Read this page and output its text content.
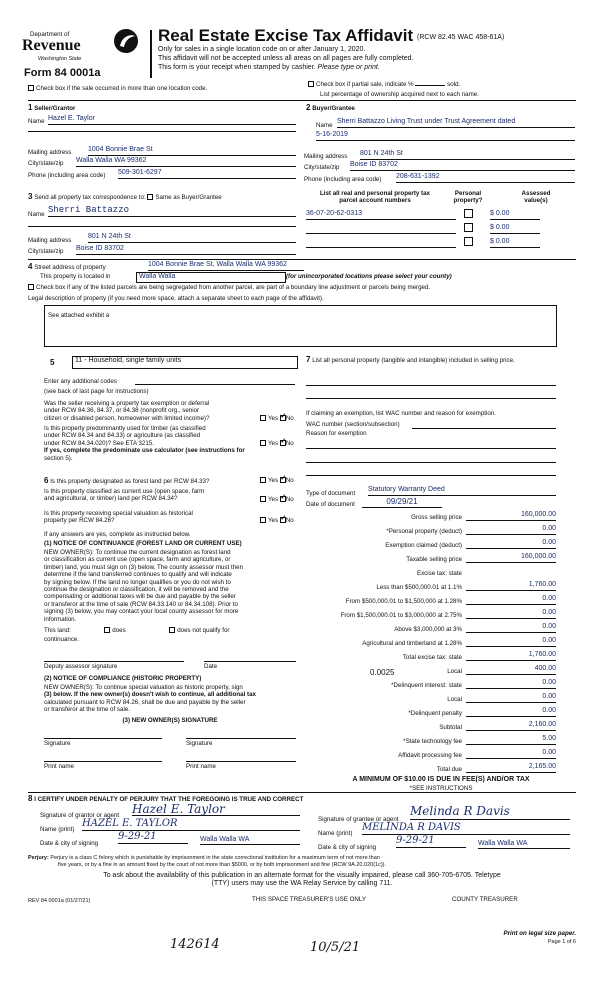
Department of
Revenue
Washington State
Form 84 0001a
Real Estate Excise Tax Affidavit (RCW 82.45 WAC 458-61A)
Only for sales in a single location code on or after January 1, 2020.
This affidavit will not be accepted unless all areas on all pages are fully completed.
This form is your receipt when stamped by cashier. Please type or print.
Check box if the sale occurred in more than one location code.
Check box if partial sale, indicate %	sold.
List percentage of ownership acquired next to each name.
1 Seller/Grantor
Name Hazel E. Taylor
Mailing address 1004 Bonnie Brae St
City/state/zip Walla Walla WA 99362
Phone (including area code) 509-301-6297
2 Buyer/Grantee
Name
Sherri Battazzo Living Trust under Trust Agreement dated
5-16-2019
Mailing address 801 N 24th St
City/state/zip Boise ID 83702
Phone (including area code) 208-631-1392
3 Send all property tax correspondence to: Same as Buyer/Grantee
Name Sherri Battazzo
Mailing address
801 N 24th St
City/state/zip Boise ID 83702
List all real and personal property tax
parcel account numbers
Personal
property?
Assessed
value(s)
36-07-20-62-0313	$ 0.00
$ 0.00
$ 0.00
4 Street address of property	1004 Bonnie Brae St, Walla Walla WA 99362
This property is located in	Walla Walla	(for unincorporated locations please select your county)
Check box if any of the listed parcels are being segregated from another parcel, are part of a boundary line adjustment or parcels being merged.
Legal description of property (if you need more space, attach a separate sheet to each page of the affidavit).
See attached exhibit a
5	11 - Household, single family units
Enter any additional codes
(see back of last page for instructions)
Was the seller receiving a property tax exemption or deferral
under RCW 84.36, 84.37, or 84.38 (nonprofit org., senior
citizen or disabled person, homeowner with limited income)?	Yes ✓ No
Is this property predominantly used for timber (as classified
under RCW 84.34 and 84.33) or agriculture (as classified
under RCW 84.34.020)? See ETA 3215.
If yes, complete the predominate use calculator (see instructions for
section 5).
Yes ✓ No
6 Is this property designated as forest land per RCW 84.33?	Yes ✓ No
Is this property classified as current use (open space, farm
and agricultural, or timber) land per RCW 84.34?	Yes ✓ No
Is this property receiving special valuation as historical
property per RCW 84.26?	Yes ✓ No
If any answers are yes, complete as instructed below.
(1) NOTICE OF CONTINUANCE (FOREST LAND OR CURRENT USE)
NEW OWNER(S): To continue the current designation as forest land
or classification as current use (open space, farm and agriculture, or
timber) land, you must sign on (3) below. The county assessor must then
determine if the land transferred continues to qualify and will indicate
by signing below. If the land no longer qualifies or you do not wish to
continue the designation or classification, it will be removed and the
compensating or additional taxes will be due and payable by the seller
or transferor at the time of sale (RCW 84.33.140 or 84.34.108). Prior to
signing (3) below, you may contact your local county assessor for more
information.
This land:	does	does not qualify for
continuance.
Deputy assessor signature	Date
(2) NOTICE OF COMPLIANCE (HISTORIC PROPERTY)
NEW OWNER(S): To continue special valuation as historic property, sign
(3) below. If the new owner(s) doesn't wish to continue, all additional tax
calculated pursuant to RCW 84.26, shall be due and payable by the seller
or transferor at the time of sale.
(3) NEW OWNER(S) SIGNATURE
Signature	Signature
Print name	Print name
7 List all personal property (tangible and intangible) included in selling price.
If claiming an exemption, list WAC number and reason for exemption.
WAC number (section/subsection)
Reason for exemption
Type of document
Statutory Warranty Deed
Date of document	09/29/21
Gross selling price	160,000.00
*Personal property (deduct)	0.00
Exemption claimed (deduct)	0.00
Taxable selling price	160,000.00
Excise tax: state
Less than $500,000.01 at 1.1%	1,760.00
From $500,000.01 to $1,500,000 at 1.28%	0.00
From $1,500,000.01 to $3,000,000 at 2.75%	0.00
Above $3,000,000 at 3%	0.00
Agricultural and timberland at 1.28%	0.00
Total excise tax: state	1,760.00
0.0025	Local	400.00
*Delinquent interest: state	0.00
Local	0.00
*Delinquent penalty	0.00
Subtotal	2,160.00
*State technology fee	5.00
Affidavit processing fee	0.00
Total due	2,165.00
A MINIMUM OF $10.00 IS DUE IN FEE(S) AND/OR TAX
*SEE INSTRUCTIONS
8 I CERTIFY UNDER PENALTY OF PERJURY THAT THE FOREGOING IS TRUE AND CORRECT
Signature of grantor or agent Hazel E. Taylor
Name (print)
HAZEL E. TAYLOR
Date & city of signing
9-29-21	Walla Walla WA
Signature of grantee or agent
Melinda R Davis
Name (print)
MELINDA R DAVIS
Date & city of signing
9-29-21	Walla Walla WA
Perjury: Perjury is a class C felony which is punishable by imprisonment in the state correctional institution for a maximum term of not more than
five years, or by a fine in an amount fixed by the court of not more than $5000, or by both imprisonment and fine (RCW 9A.20.020(1c)).
To ask about the availability of this publication in an alternate format for the visually impaired, please call 360-705-6705. Teletype
(TTY) users may use the WA Relay Service by calling 711.
REV 84 0001a (01/27/21)	THIS SPACE TREASURER'S USE ONLY	COUNTY TREASURER
142614	10/5/21
Print on legal size paper.
Page 1 of 6
